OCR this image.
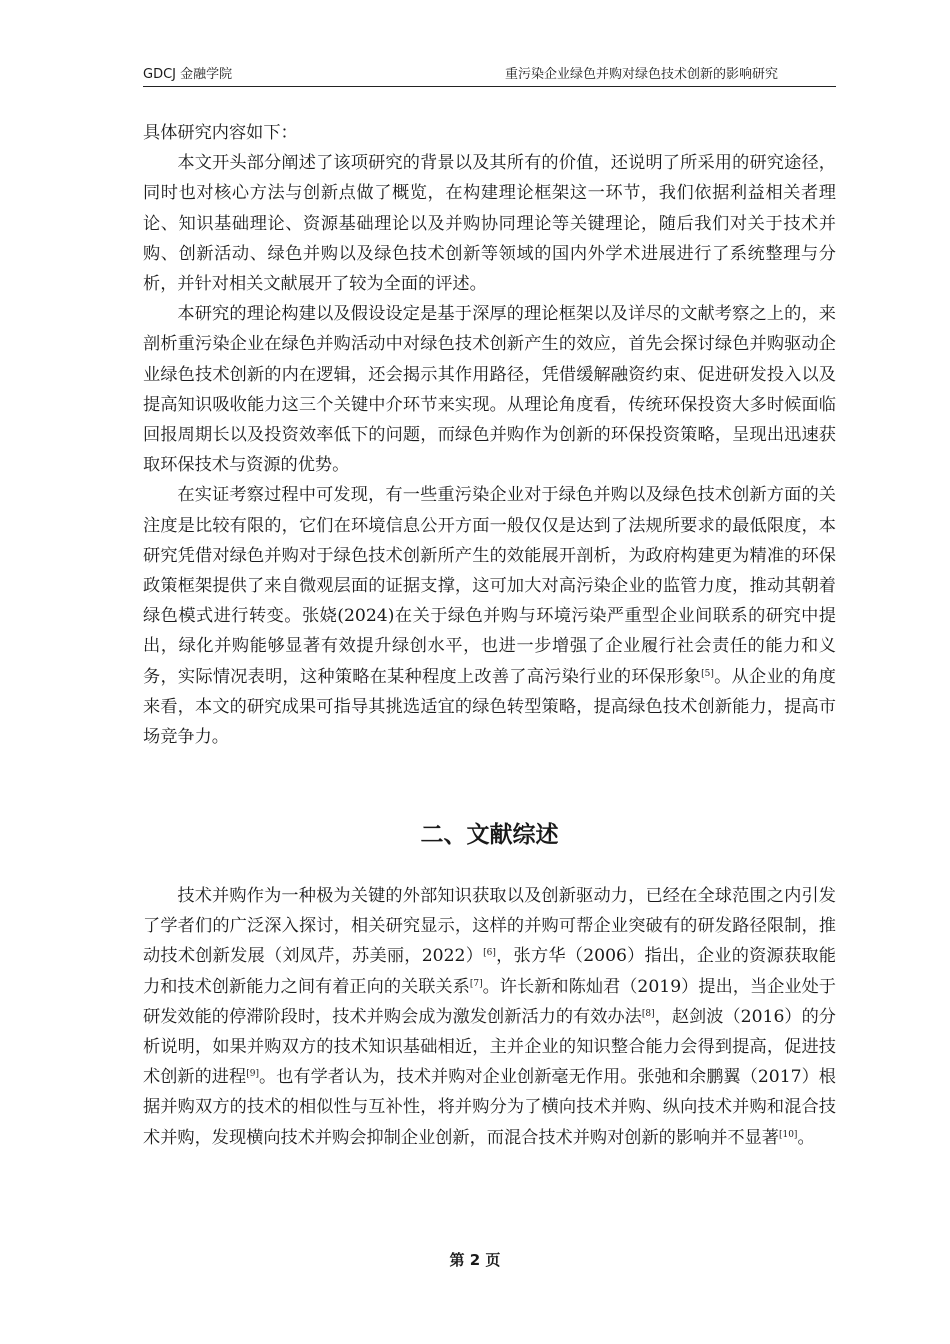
GDCJ 金融学院	重污染企业绿色并购对绿色技术创新的影响研究

具体研究内容如下：

本文开头部分阐述了该项研究的背景以及其所有的价值，还说明了所采用的研究途径，同时也对核心方法与创新点做了概览，在构建理论框架这一环节，我们依据利益相关者理论、知识基础理论、资源基础理论以及并购协同理论等关键理论，随后我们对关于技术并购、创新活动、绿色并购以及绿色技术创新等领域的国内外学术进展进行了系统整理与分析，并针对相关文献展开了较为全面的评述。

本研究的理论构建以及假设设定是基于深厚的理论框架以及详尽的文献考察之上的，来剖析重污染企业在绿色并购活动中对绿色技术创新产生的效应，首先会探讨绿色并购驱动企业绿色技术创新的内在逻辑，还会揭示其作用路径，凭借缓解融资约束、促进研发投入以及提高知识吸收能力这三个关键中介环节来实现。从理论角度看，传统环保投资大多时候面临回报周期长以及投资效率低下的问题，而绿色并购作为创新的环保投资策略，呈现出迅速获取环保技术与资源的优势。

在实证考察过程中可发现，有一些重污染企业对于绿色并购以及绿色技术创新方面的关注度是比较有限的，它们在环境信息公开方面一般仅仅是达到了法规所要求的最低限度，本研究凭借对绿色并购对于绿色技术创新所产生的效能展开剖析，为政府构建更为精准的环保政策框架提供了来自微观层面的证据支撑，这可加大对高污染企业的监管力度，推动其朝着绿色模式进行转变。张娆(2024)在关于绿色并购与环境污染严重型企业间联系的研究中提出，绿化并购能够显著有效提升绿创水平，也进一步增强了企业履行社会责任的能力和义务，实际情况表明，这种策略在某种程度上改善了高污染行业的环保形象[5]。从企业的角度来看，本文的研究成果可指导其挑选适宜的绿色转型策略，提高绿色技术创新能力，提高市场竞争力。

二、文献综述

技术并购作为一种极为关键的外部知识获取以及创新驱动力，已经在全球范围之内引发了学者们的广泛深入探讨，相关研究显示，这样的并购可帮企业突破有的研发路径限制，推动技术创新发展（刘凤芹，苏美丽，2022）[6]，张方华（2006）指出，企业的资源获取能力和技术创新能力之间有着正向的关联关系[7]。许长新和陈灿君（2019）提出，当企业处于研发效能的停滞阶段时，技术并购会成为激发创新活力的有效办法[8]，赵剑波（2016）的分析说明，如果并购双方的技术知识基础相近，主并企业的知识整合能力会得到提高，促进技术创新的进程[9]。也有学者认为，技术并购对企业创新毫无作用。张弛和余鹏翼（2017）根据并购双方的技术的相似性与互补性，将并购分为了横向技术并购、纵向技术并购和混合技术并购，发现横向技术并购会抑制企业创新，而混合技术并购对创新的影响并不显著[10]。

第 2 页
